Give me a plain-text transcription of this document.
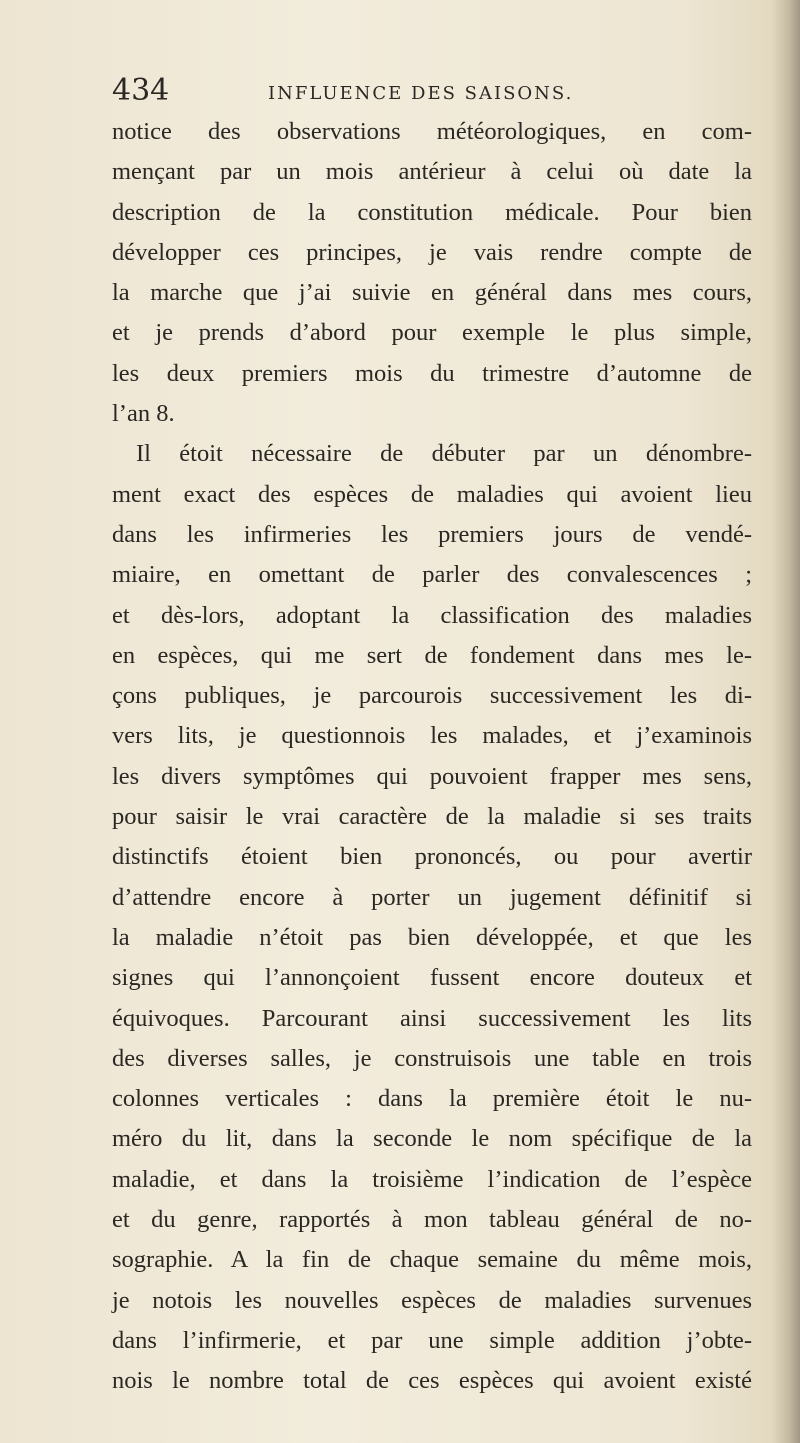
434	INFLUENCE DES SAISONS.
notice des observations météorologiques, en com-
mençant par un mois antérieur à celui où date la
description de la constitution médicale. Pour bien
développer ces principes, je vais rendre compte de
la marche que j’ai suivie en général dans mes cours,
et je prends d’abord pour exemple le plus simple,
les deux premiers mois du trimestre d’automne de
l’an 8.
Il étoit nécessaire de débuter par un dénombre-
ment exact des espèces de maladies qui avoient lieu
dans les infirmeries les premiers jours de vendé-
miaire, en omettant de parler des convalescences ;
et dès-lors, adoptant la classification des maladies
en espèces, qui me sert de fondement dans mes le-
çons publiques, je parcourois successivement les di-
vers lits, je questionnois les malades, et j’examinois
les divers symptômes qui pouvoient frapper mes sens,
pour saisir le vrai caractère de la maladie si ses traits
distinctifs étoient bien prononcés, ou pour avertir
d’attendre encore à porter un jugement définitif si
la maladie n’étoit pas bien développée, et que les
signes qui l’annonçoient fussent encore douteux et
équivoques. Parcourant ainsi successivement les lits
des diverses salles, je construisois une table en trois
colonnes verticales : dans la première étoit le nu-
méro du lit, dans la seconde le nom spécifique de la
maladie, et dans la troisième l’indication de l’espèce
et du genre, rapportés à mon tableau général de no-
sographie. A la fin de chaque semaine du même mois,
je notois les nouvelles espèces de maladies survenues
dans l’infirmerie, et par une simple addition j’obte-
nois le nombre total de ces espèces qui avoient existé
